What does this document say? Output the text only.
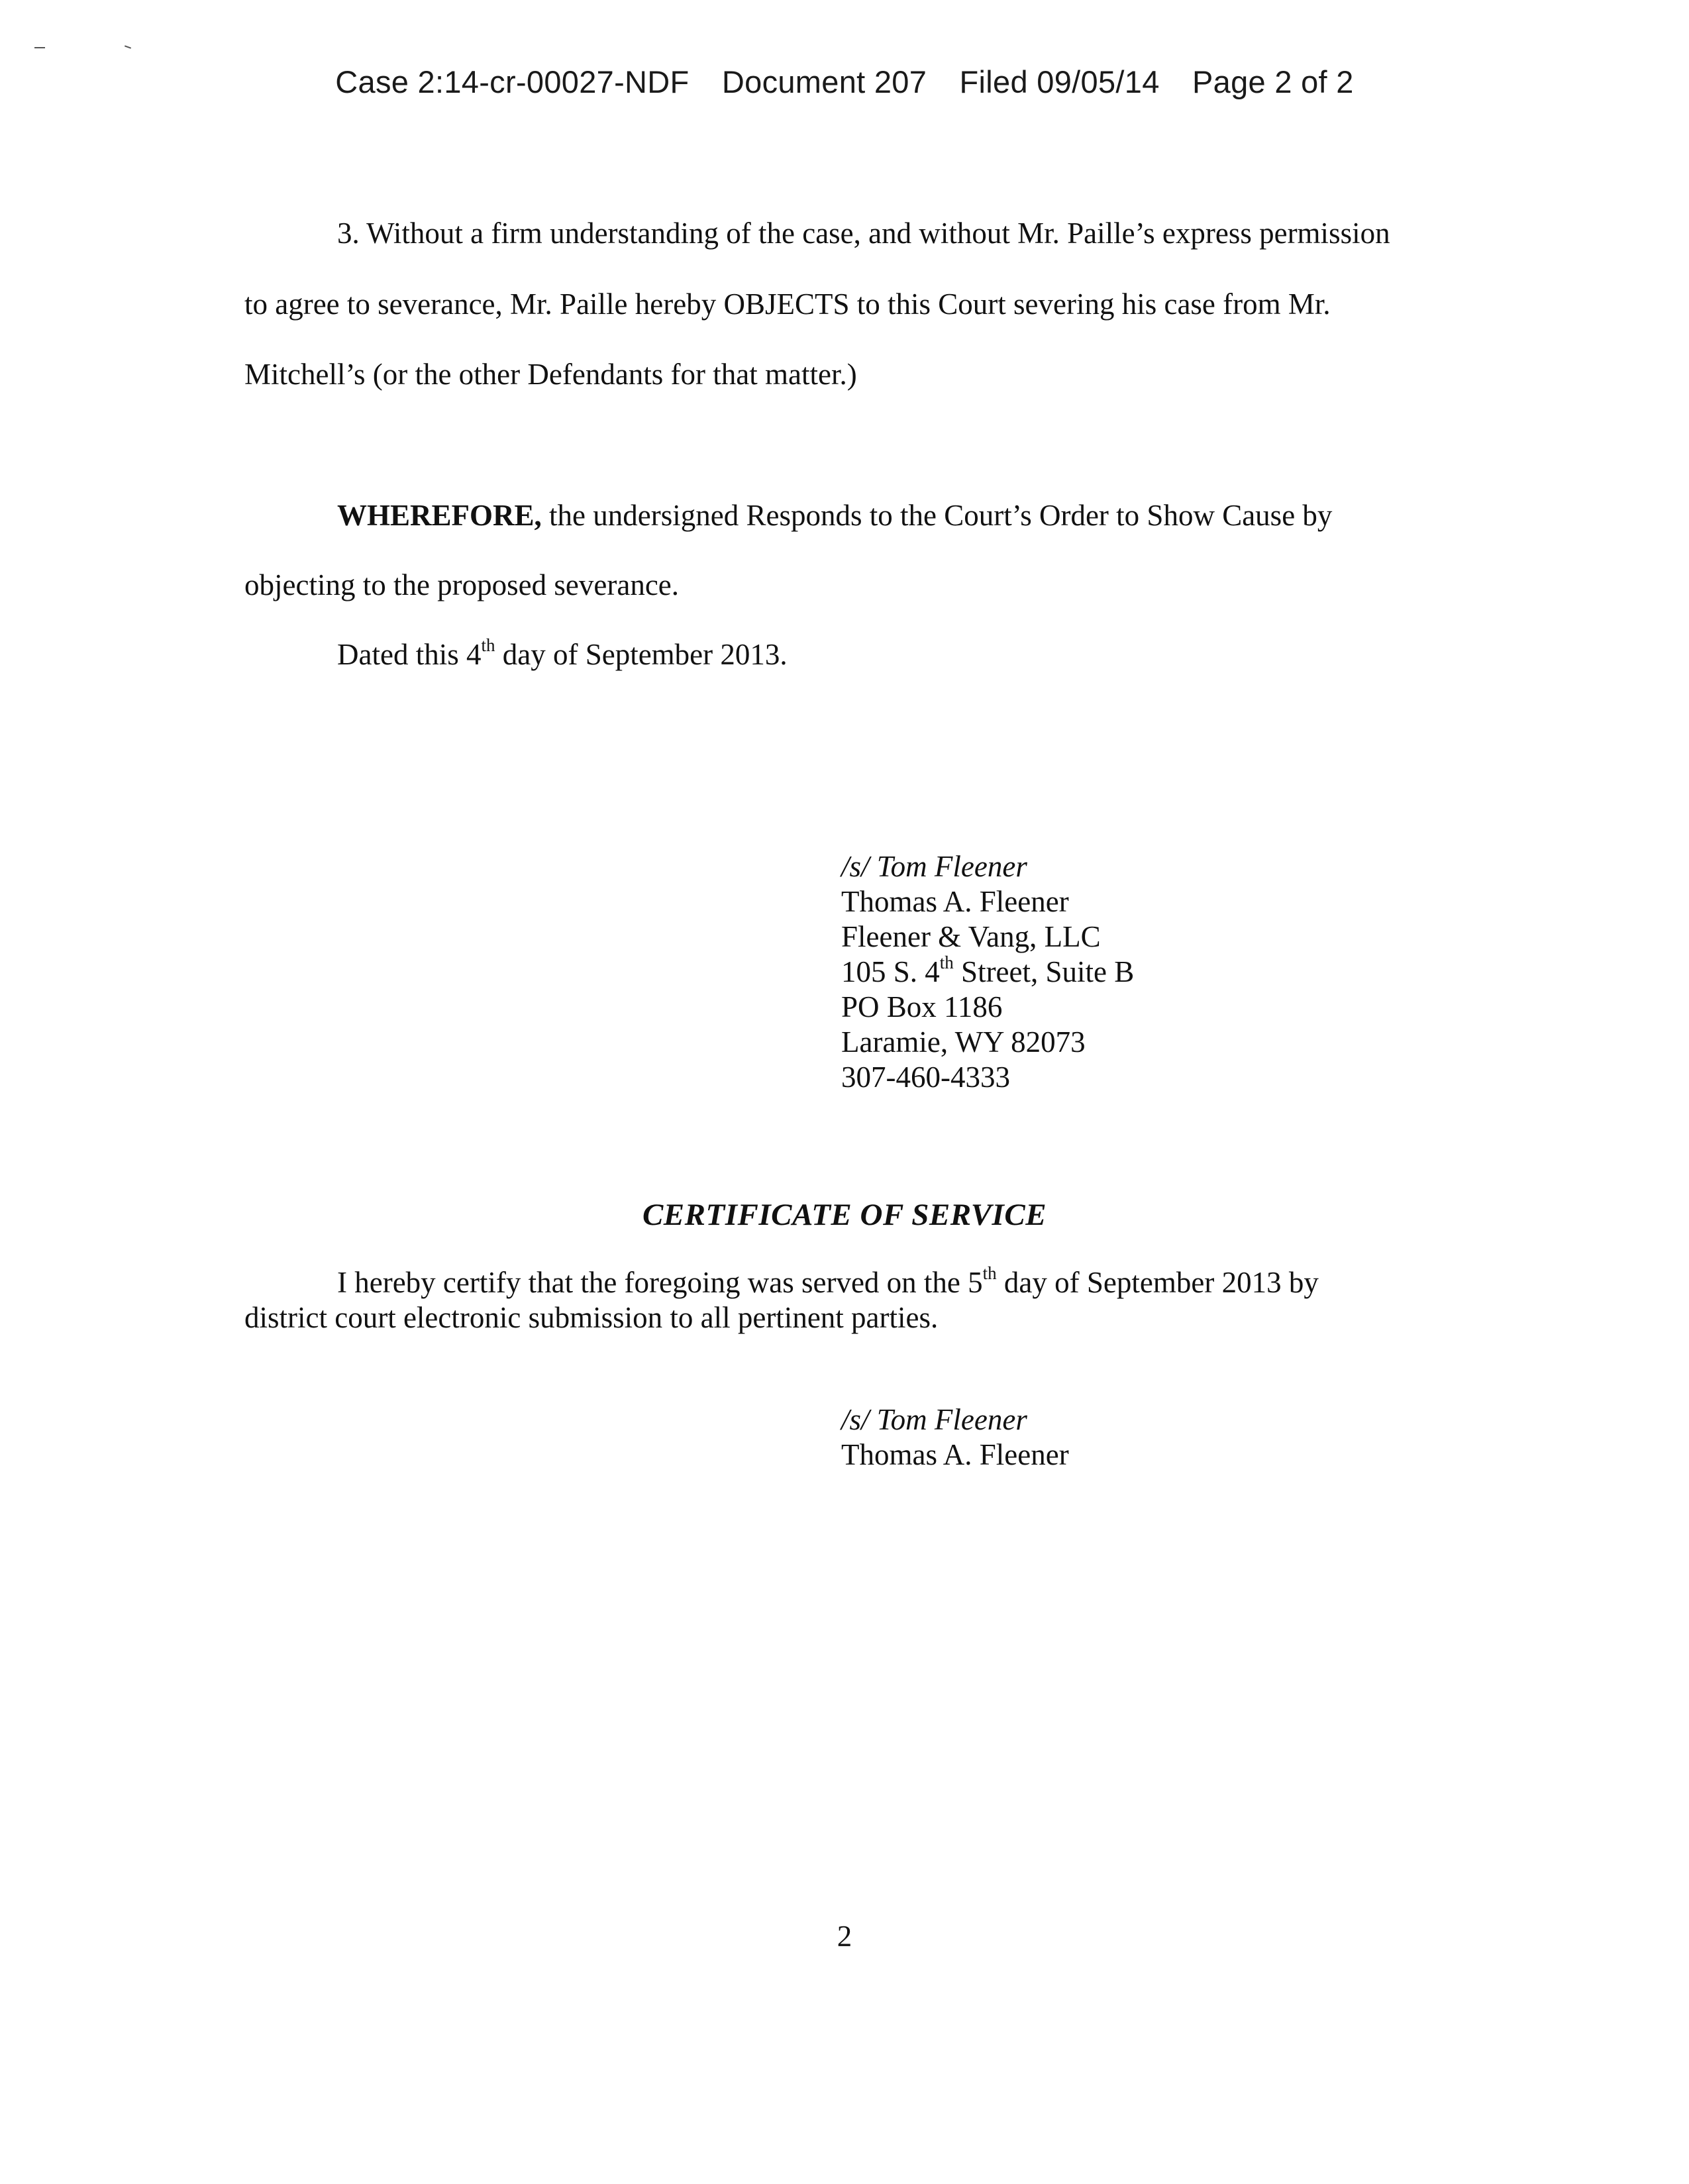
Case 2:14-cr-00027-NDF Document 207 Filed 09/05/14 Page 2 of 2
3. Without a firm understanding of the case, and without Mr. Paille’s express permission
to agree to severance, Mr. Paille hereby OBJECTS to this Court severing his case from Mr.
Mitchell’s (or the other Defendants for that matter.)
WHEREFORE, the undersigned Responds to the Court’s Order to Show Cause by
objecting to the proposed severance.
Dated this 4th day of September 2013.
/s/ Tom Fleener
Thomas A. Fleener
Fleener & Vang, LLC
105 S. 4th Street, Suite B
PO Box 1186
Laramie, WY 82073
307-460-4333
CERTIFICATE OF SERVICE
I hereby certify that the foregoing was served on the 5th day of September 2013 by
district court electronic submission to all pertinent parties.
/s/ Tom Fleener
Thomas A. Fleener
2
